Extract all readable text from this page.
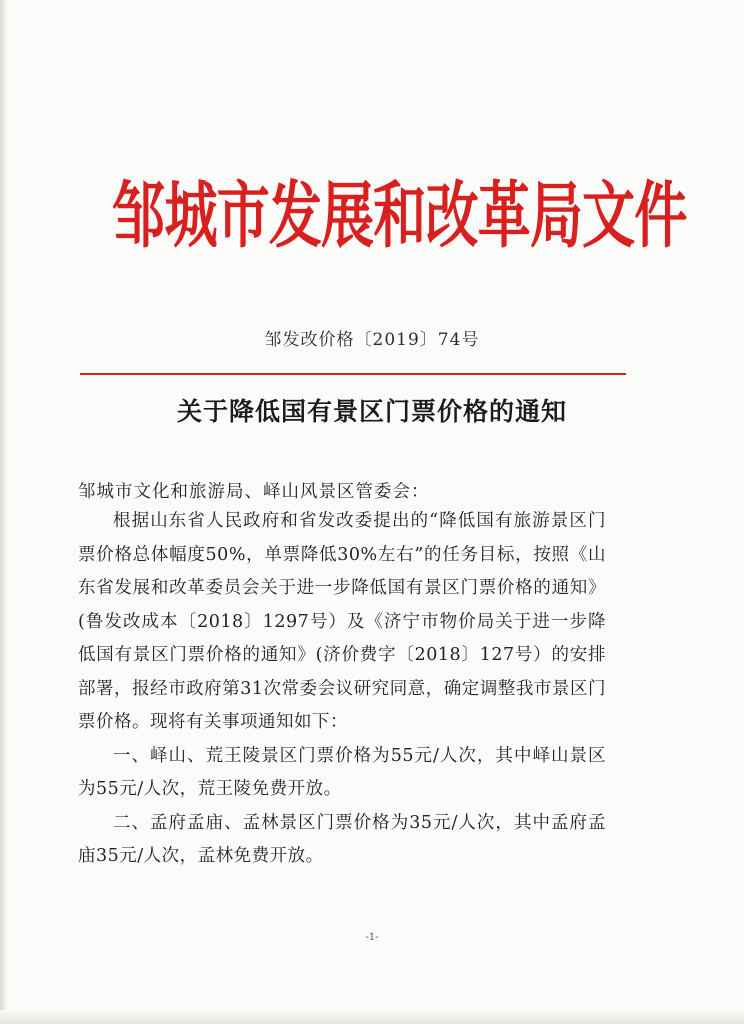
邹城市发展和改革局文件
邹发改价格〔2019〕74号
关于降低国有景区门票价格的通知
邹城市文化和旅游局、峄山风景区管委会：

根据山东省人民政府和省发改委提出的“降低国有旅游景区门票价格总体幅度50%，单票降低30%左右”的任务目标，按照《山东省发展和改革委员会关于进一步降低国有景区门票价格的通知》(鲁发改成本〔2018〕1297号）及《济宁市物价局关于进一步降低国有景区门票价格的通知》(济价费字〔2018〕127号）的安排部署，报经市政府第31次常委会议研究同意，确定调整我市景区门票价格。现将有关事项通知如下：

一、峄山、荒王陵景区门票价格为55元/人次，其中峄山景区为55元/人次，荒王陵免费开放。

二、孟府孟庙、孟林景区门票价格为35元/人次，其中孟府孟庙35元/人次，孟林免费开放。

-1-
